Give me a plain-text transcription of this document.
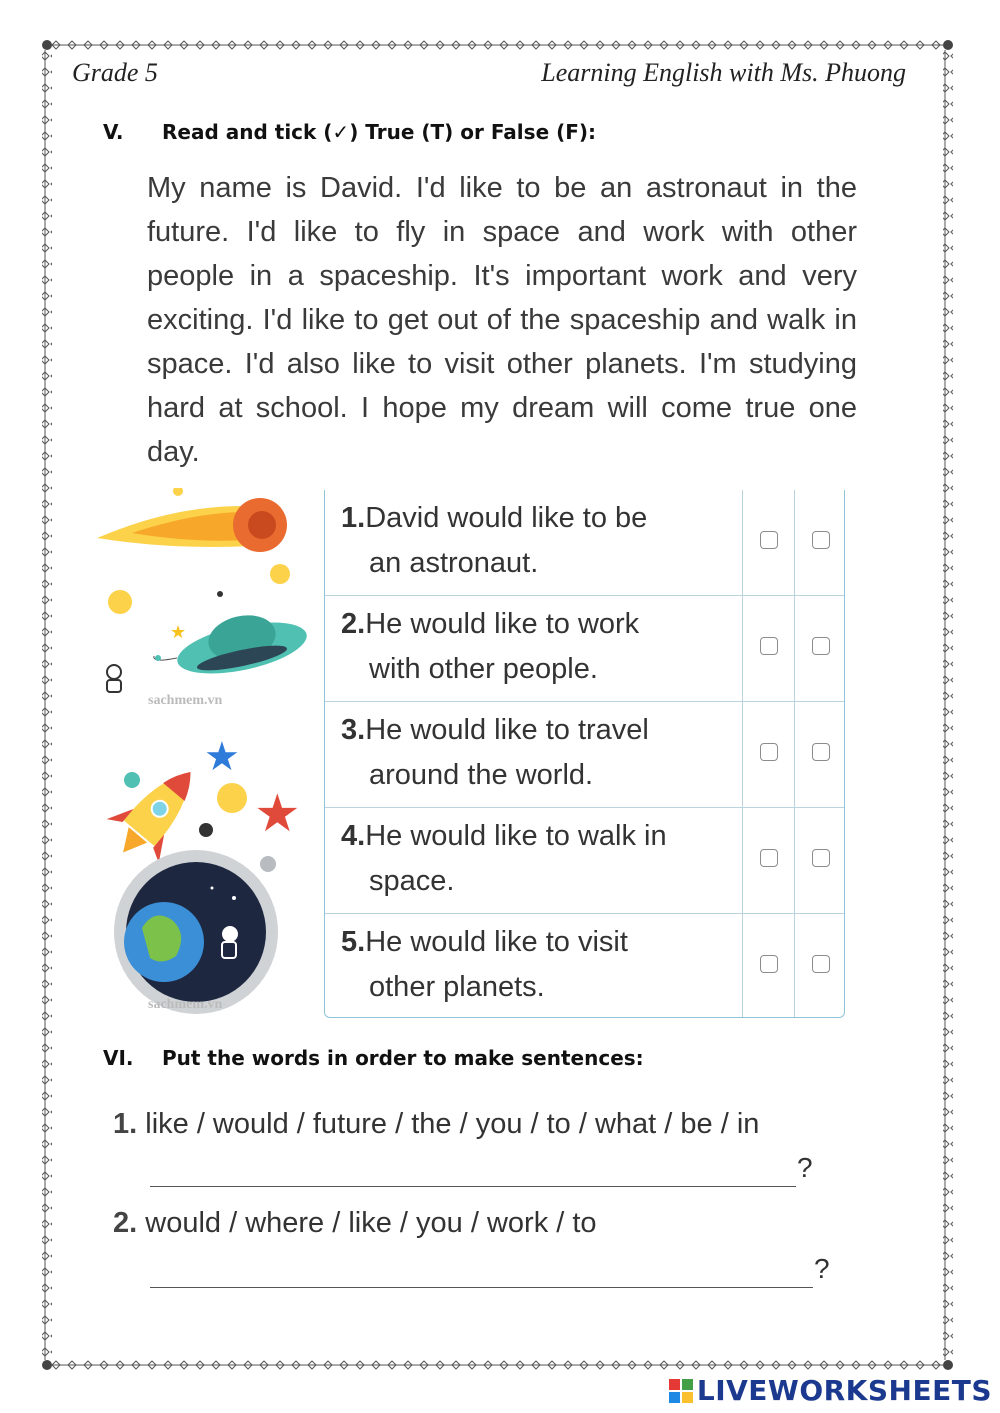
Grade 5	Learning English with Ms. Phuong
V. Read and tick (✓) True (T) or False (F):
My name is David. I'd like to be an astronaut in the future. I'd like to fly in space and work with other people in a spaceship. It's important work and very exciting. I'd like to get out of the spaceship and walk in space. I'd also like to visit other planets. I'm studying hard at school. I hope my dream will come true one day.
★
sachmem.vn
★
★
sachmem.vn
1.David would like to be
an astronaut.
2.He would like to work
with other people.
3.He would like to travel
around the world.
4.He would like to walk in
space.
5.He would like to visit
other planets.
VI. Put the words in order to make sentences:
1. like / would / future / the / you / to / what / be / in
?
2. would / where / like / you / work / to
?
LIVEWORKSHEETS
